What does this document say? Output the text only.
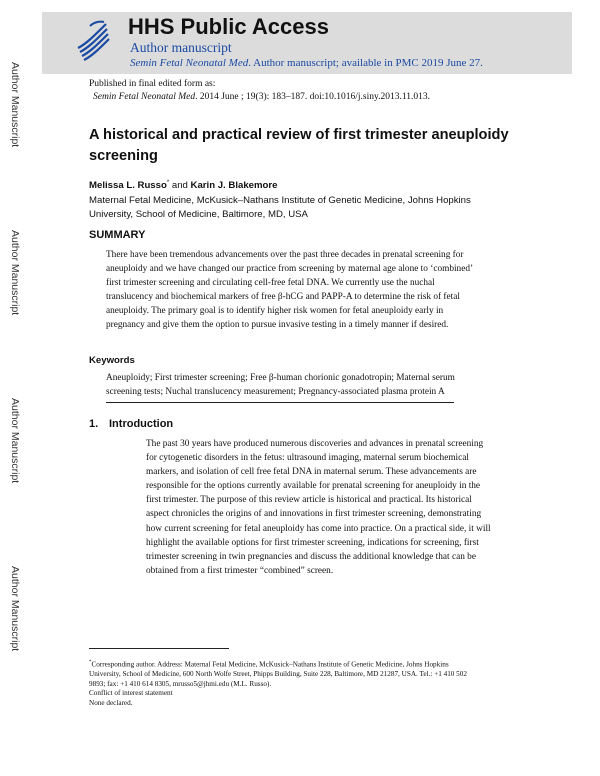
Author Manuscript
Author Manuscript
Author Manuscript
Author Manuscript
HHS Public Access
Author manuscript
Semin Fetal Neonatal Med. Author manuscript; available in PMC 2019 June 27.
Published in final edited form as:
Semin Fetal Neonatal Med. 2014 June ; 19(3): 183–187. doi:10.1016/j.siny.2013.11.013.
A historical and practical review of first trimester aneuploidy
screening
Melissa L. Russo* and Karin J. Blakemore
Maternal Fetal Medicine, McKusick–Nathans Institute of Genetic Medicine, Johns Hopkins
University, School of Medicine, Baltimore, MD, USA
SUMMARY
There have been tremendous advancements over the past three decades in prenatal screening for
aneuploidy and we have changed our practice from screening by maternal age alone to ‘combined’
first trimester screening and circulating cell-free fetal DNA. We currently use the nuchal
translucency and biochemical markers of free β-hCG and PAPP-A to determine the risk of fetal
aneuploidy. The primary goal is to identify higher risk women for fetal aneuploidy early in
pregnancy and give them the option to pursue invasive testing in a timely manner if desired.
Keywords
Aneuploidy; First trimester screening; Free β-human chorionic gonadotropin; Maternal serum
screening tests; Nuchal translucency measurement; Pregnancy-associated plasma protein A
1. Introduction
The past 30 years have produced numerous discoveries and advances in prenatal screening
for cytogenetic disorders in the fetus: ultrasound imaging, maternal serum biochemical
markers, and isolation of cell free fetal DNA in maternal serum. These advancements are
responsible for the options currently available for prenatal screening for aneuploidy in the
first trimester. The purpose of this review article is historical and practical. Its historical
aspect chronicles the origins of and innovations in first trimester screening, demonstrating
how current screening for fetal aneuploidy has come into practice. On a practical side, it will
highlight the available options for first trimester screening, indications for screening, first
trimester screening in twin pregnancies and discuss the additional knowledge that can be
obtained from a first trimester “combined” screen.
*Corresponding author. Address: Maternal Fetal Medicine, McKusick–Nathans Institute of Genetic Medicine, Johns Hopkins
University, School of Medicine, 600 North Wolfe Street, Phipps Building, Suite 228, Baltimore, MD 21287, USA. Tel.: +1 410 502
9893; fax: +1 410 614 8305, mrusso5@jhmi.edu (M.L. Russo).
Conflict of interest statement
None declared.
